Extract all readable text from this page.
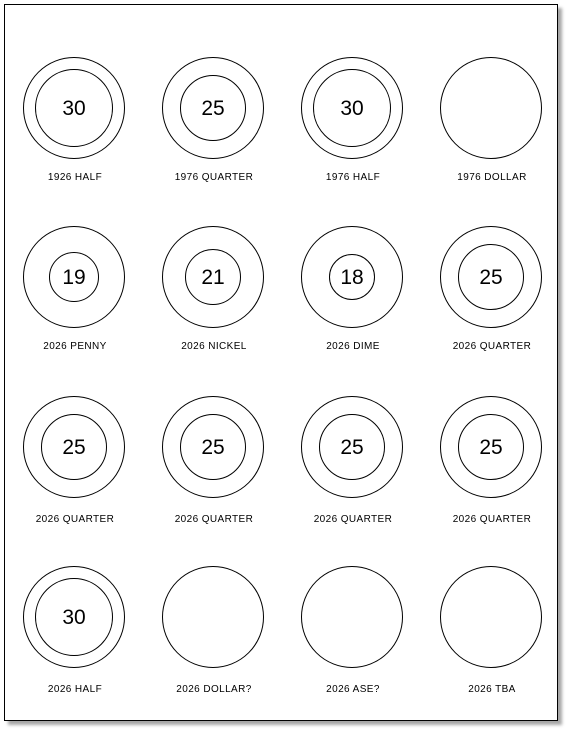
30
1926 HALF
25
1976 QUARTER
30
1976 HALF	1976 DOLLAR
19
2026 PENNY
21
2026 NICKEL
18
2026 DIME
25
2026 QUARTER
25
2026 QUARTER
25
2026 QUARTER
25
2026 QUARTER
25
2026 QUARTER
30
2026 HALF	2026 DOLLAR?	2026 ASE?	2026 TBA
